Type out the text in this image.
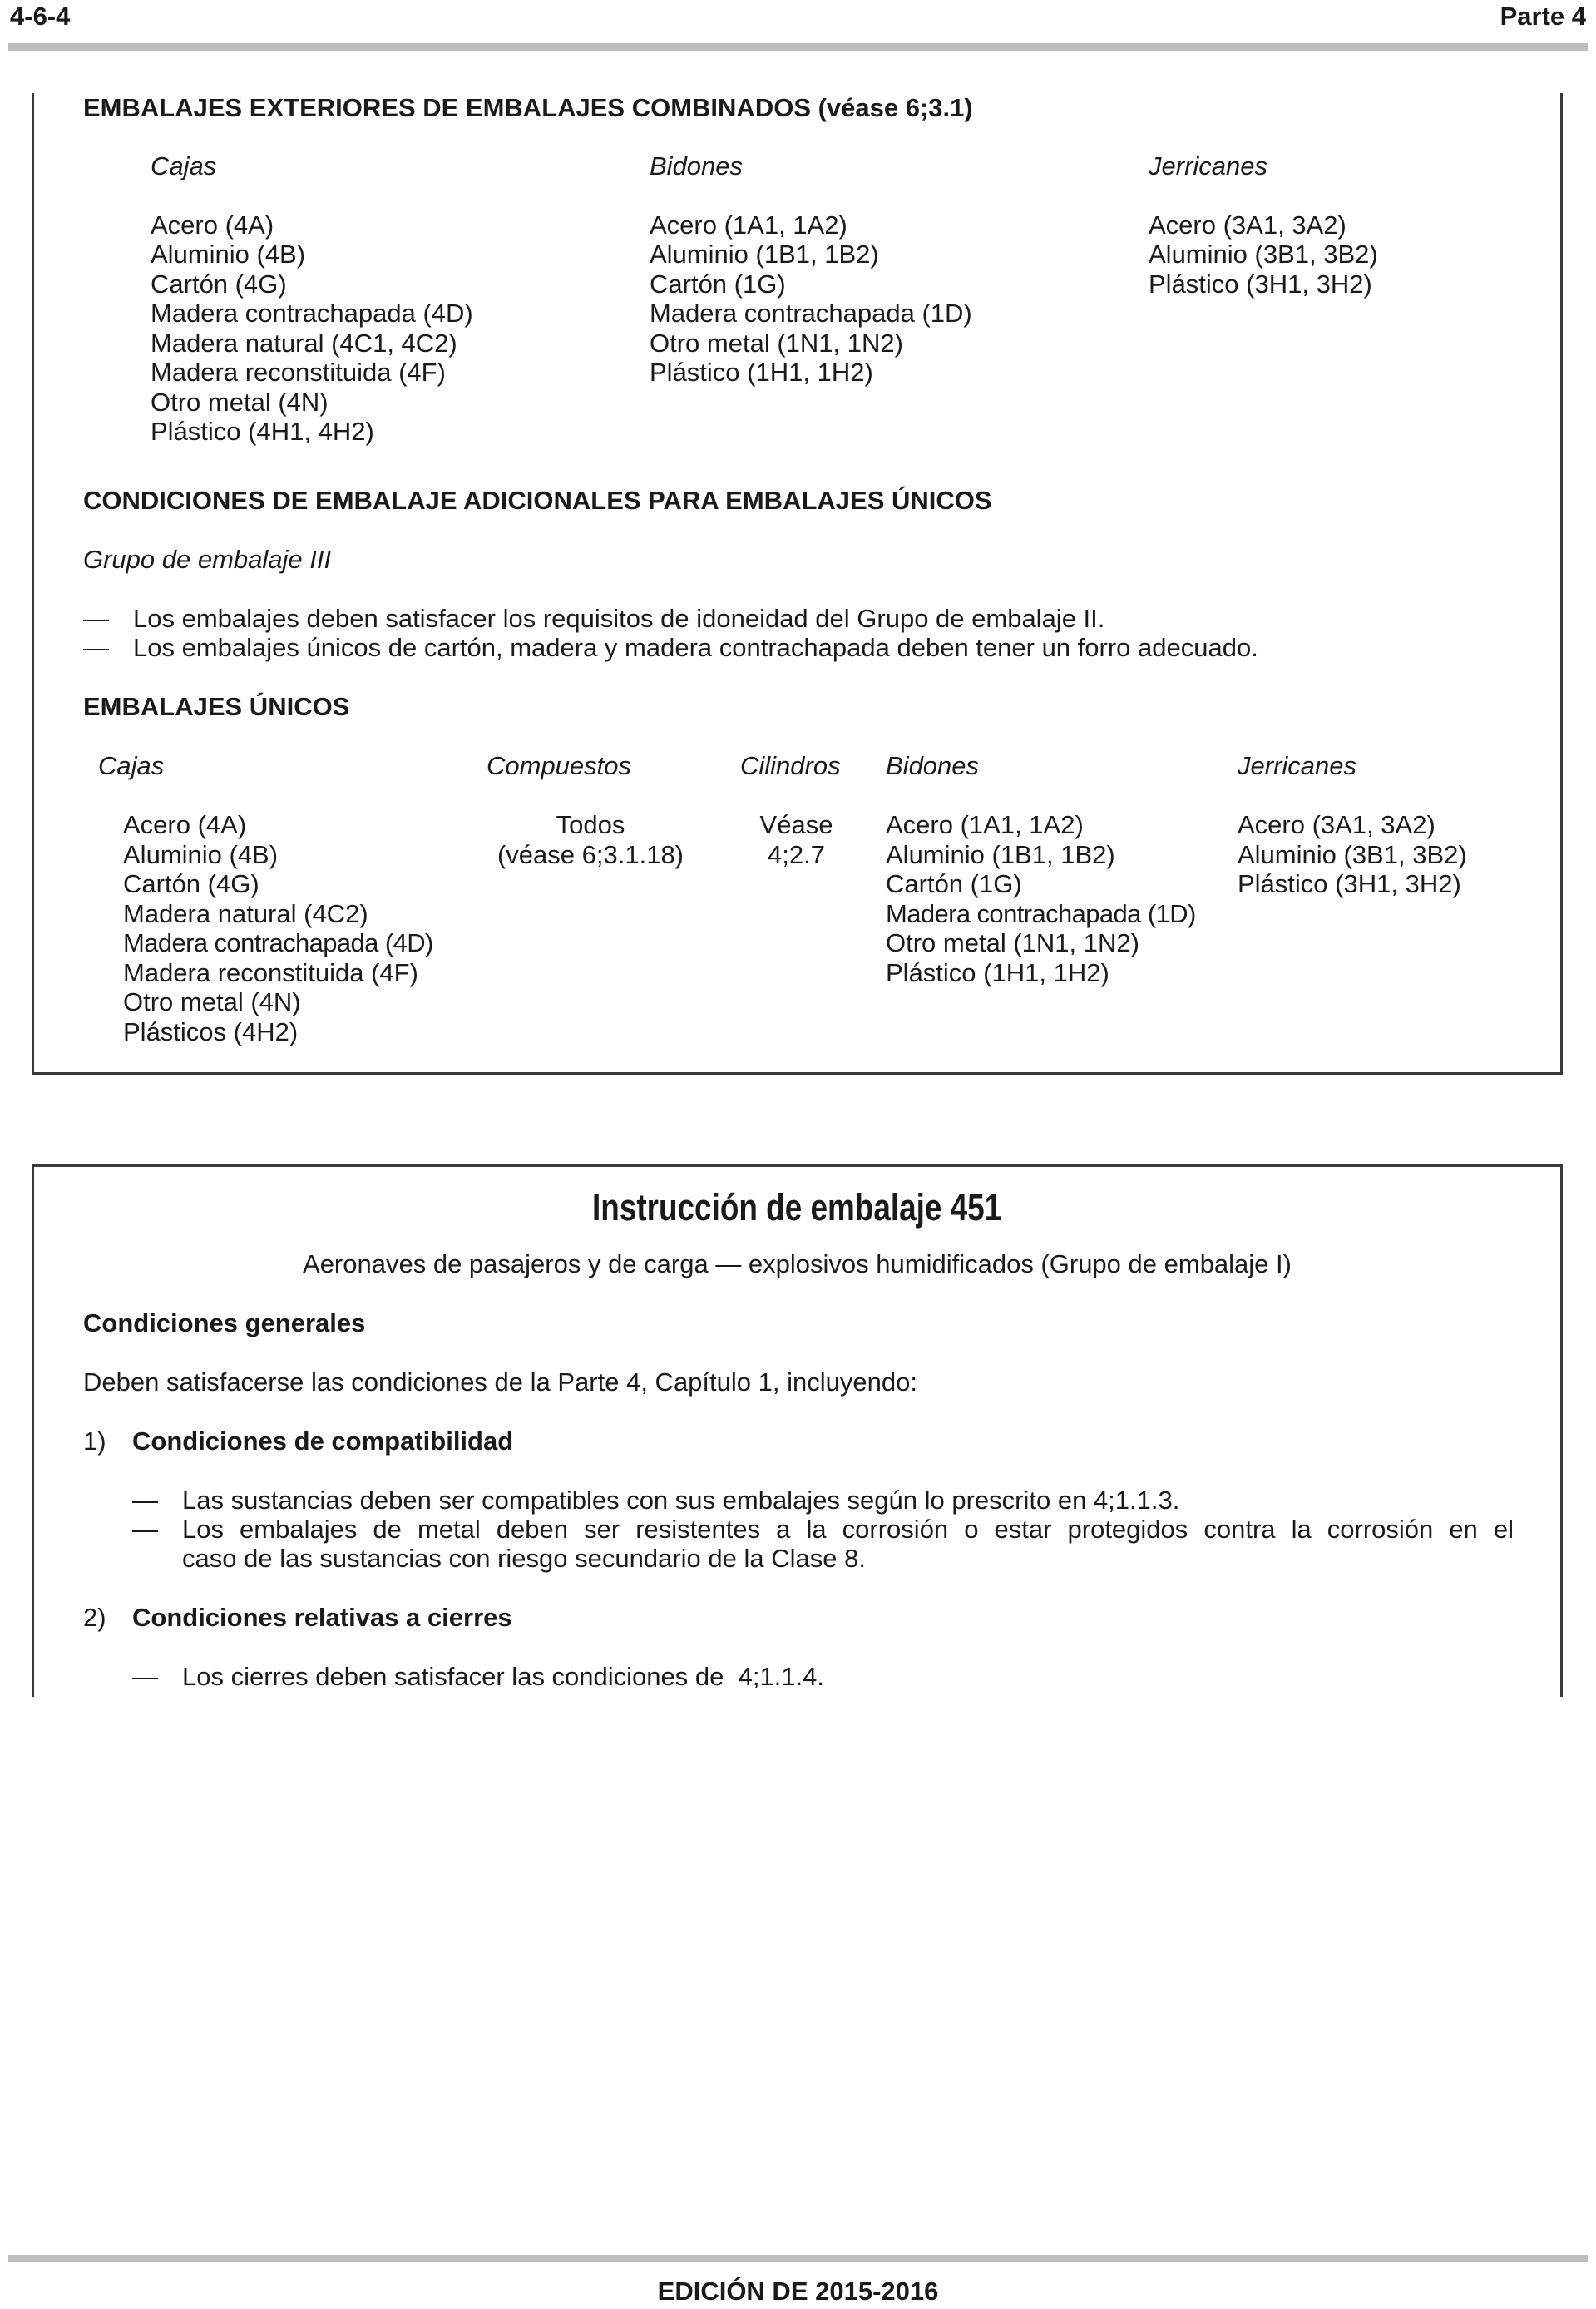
4-6-4	Parte 4
EMBALAJES EXTERIORES DE EMBALAJES COMBINADOS (véase 6;3.1)
Cajas
Acero (4A)
Aluminio (4B)
Cartón (4G)
Madera contrachapada (4D)
Madera natural (4C1, 4C2)
Madera reconstituida (4F)
Otro metal (4N)
Plástico (4H1, 4H2)
Bidones
Acero (1A1, 1A2)
Aluminio (1B1, 1B2)
Cartón (1G)
Madera contrachapada (1D)
Otro metal (1N1, 1N2)
Plástico (1H1, 1H2)
Jerricanes
Acero (3A1, 3A2)
Aluminio (3B1, 3B2)
Plástico (3H1, 3H2)
CONDICIONES DE EMBALAJE ADICIONALES PARA EMBALAJES ÚNICOS
Grupo de embalaje III
— Los embalajes deben satisfacer los requisitos de idoneidad del Grupo de embalaje II.
— Los embalajes únicos de cartón, madera y madera contrachapada deben tener un forro adecuado.
EMBALAJES ÚNICOS
Cajas
Acero (4A)
Aluminio (4B)
Cartón (4G)
Madera natural (4C2)
Madera contrachapada (4D)
Madera reconstituida (4F)
Otro metal (4N)
Plásticos (4H2)
Compuestos
Todos
(véase 6;3.1.18)
Cilindros
Véase
4;2.7
Bidones
Acero (1A1, 1A2)
Aluminio (1B1, 1B2)
Cartón (1G)
Madera contrachapada (1D)
Otro metal (1N1, 1N2)
Plástico (1H1, 1H2)
Jerricanes
Acero (3A1, 3A2)
Aluminio (3B1, 3B2)
Plástico (3H1, 3H2)
Instrucción de embalaje 451
Aeronaves de pasajeros y de carga — explosivos humidificados (Grupo de embalaje I)
Condiciones generales
Deben satisfacerse las condiciones de la Parte 4, Capítulo 1, incluyendo:
1) Condiciones de compatibilidad
— Las sustancias deben ser compatibles con sus embalajes según lo prescrito en 4;1.1.3.
— Los embalajes de metal deben ser resistentes a la corrosión o estar protegidos contra la corrosión en el
caso de las sustancias con riesgo secundario de la Clase 8.
2) Condiciones relativas a cierres
— Los cierres deben satisfacer las condiciones de  4;1.1.4.
EDICIÓN DE 2015-2016
